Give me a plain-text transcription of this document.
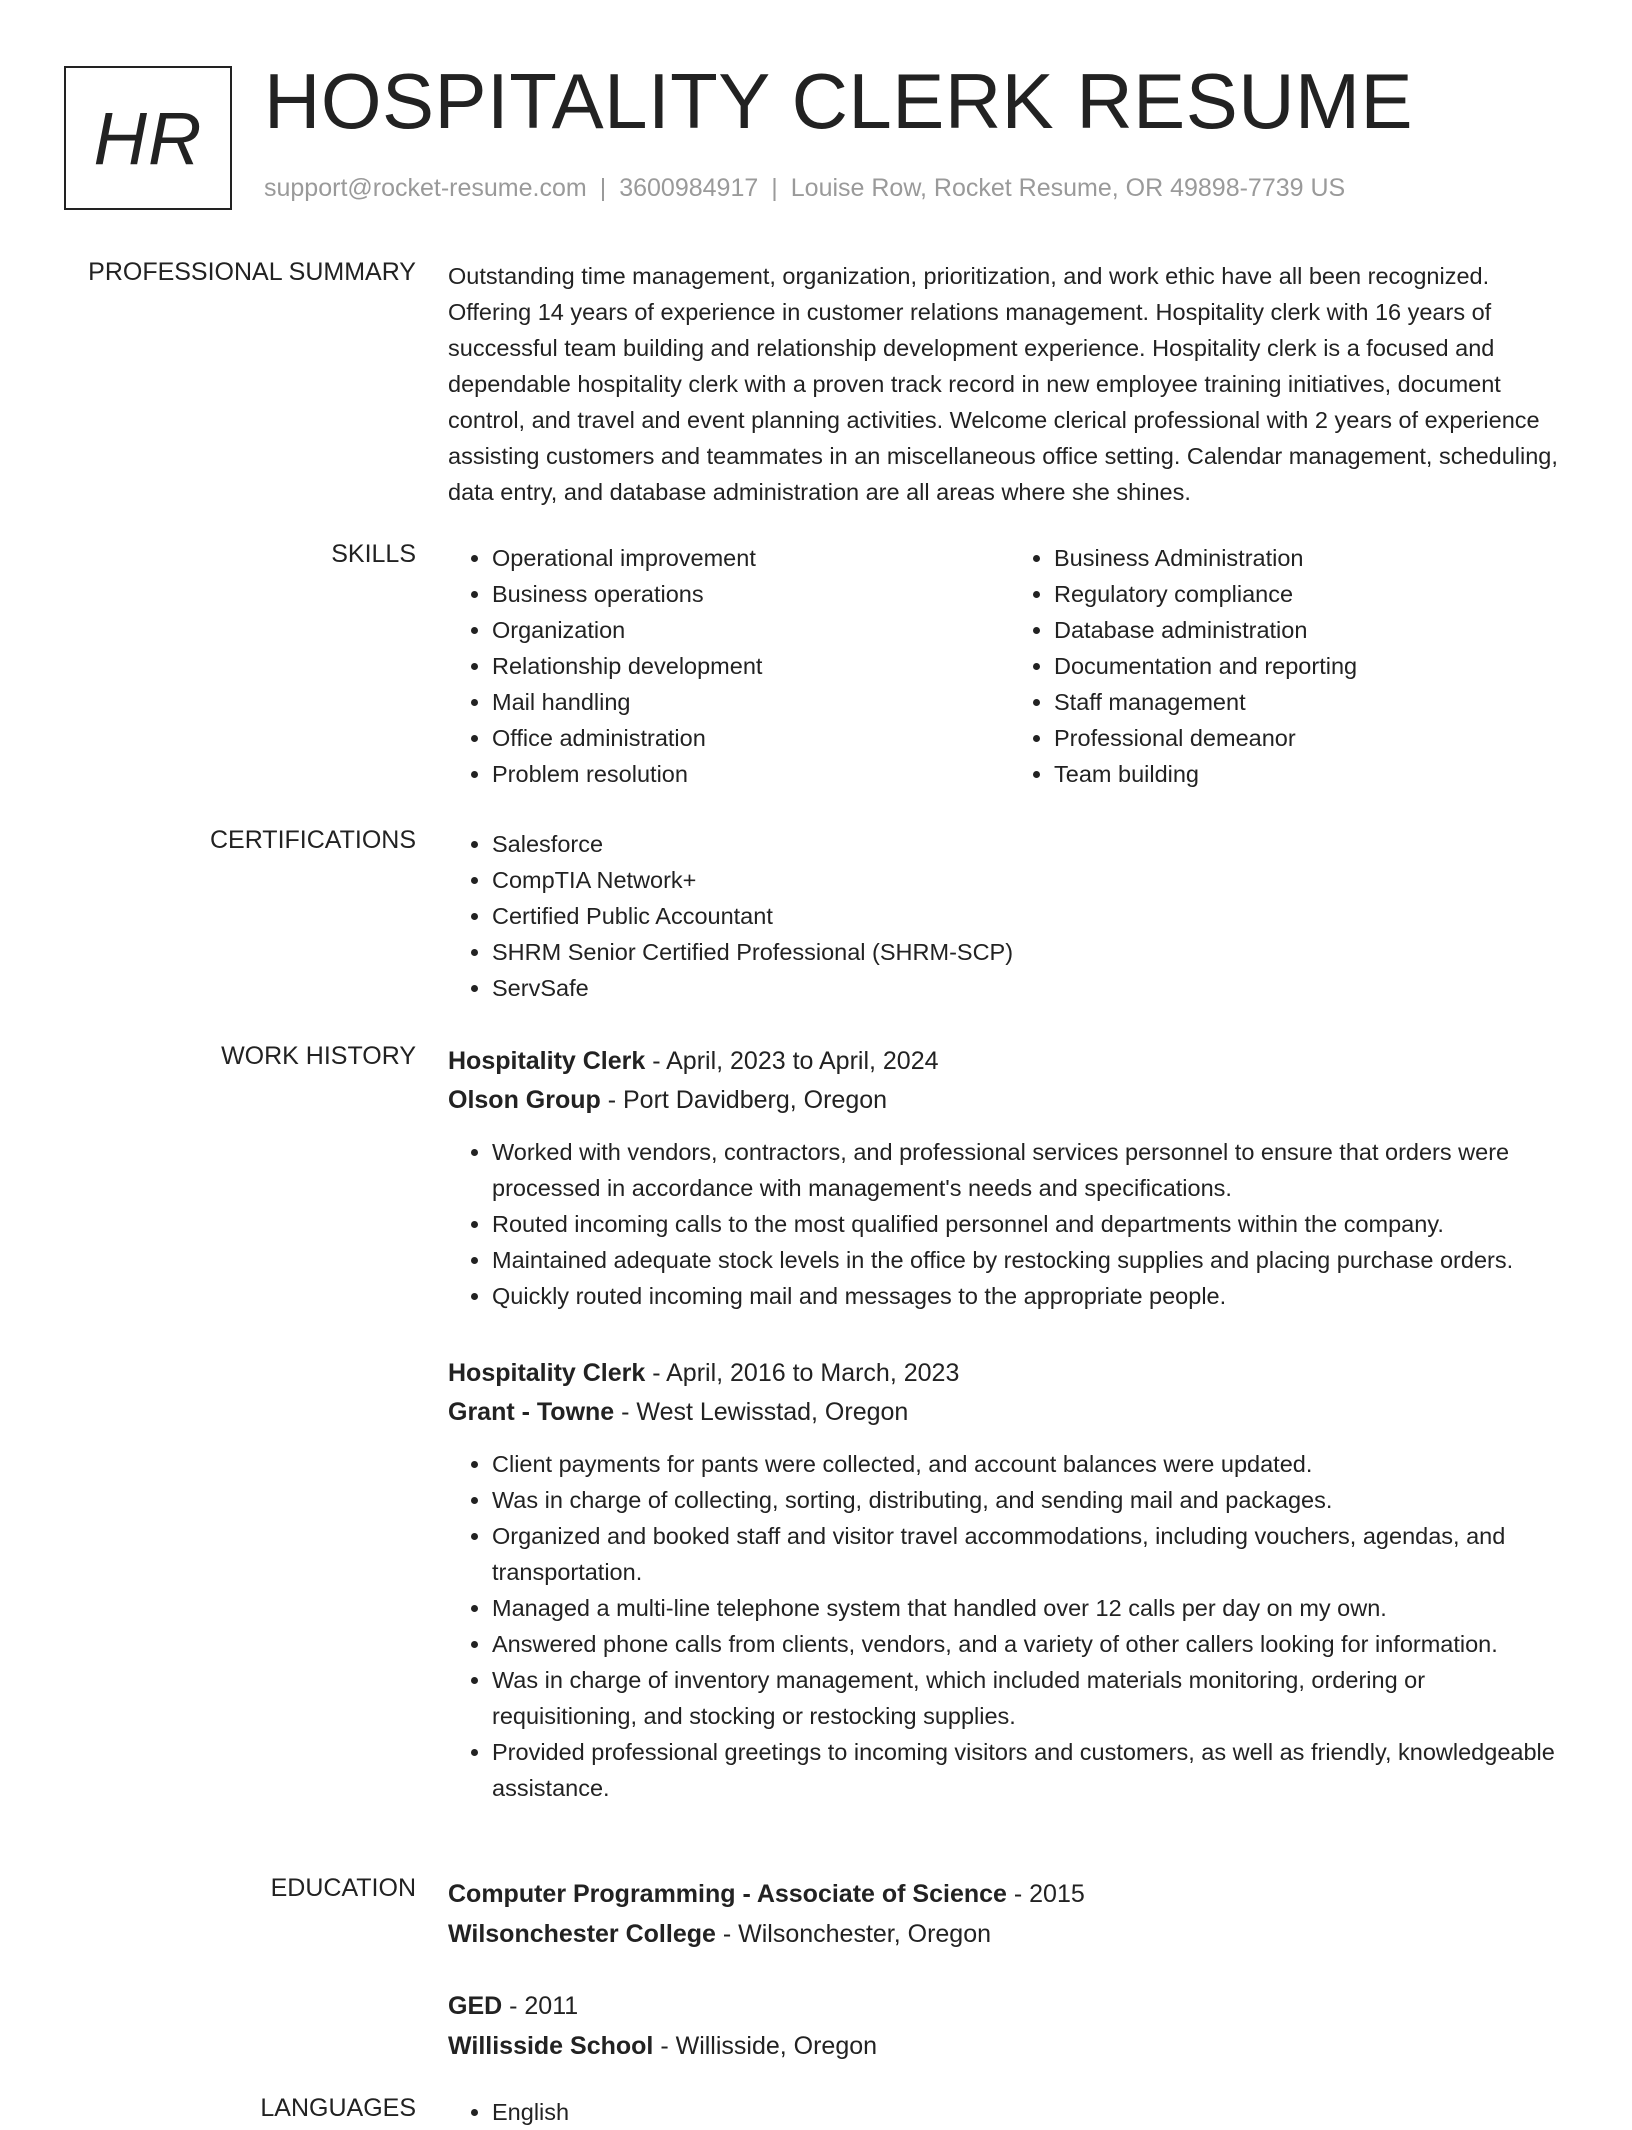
HR HOSPITALITY CLERK RESUME
support@rocket-resume.com | 3600984917 | Louise Row, Rocket Resume, OR 49898-7739 US
PROFESSIONAL SUMMARY Outstanding time management, organization, prioritization, and work ethic have all been recognized. Offering 14 years of experience in customer relations management. Hospitality clerk with 16 years of successful team building and relationship development experience. Hospitality clerk is a focused and dependable hospitality clerk with a proven track record in new employee training initiatives, document control, and travel and event planning activities. Welcome clerical professional with 2 years of experience assisting customers and teammates in an miscellaneous office setting. Calendar management, scheduling, data entry, and database administration are all areas where she shines.
SKILLS	• Operational improvement
• Business operations
• Organization
• Relationship development
• Mail handling
• Office administration
• Problem resolution
• Business Administration
• Regulatory compliance
• Database administration
• Documentation and reporting
• Staff management
• Professional demeanor
• Team building
CERTIFICATIONS	• Salesforce
• CompTIA Network+
• Certified Public Accountant
• SHRM Senior Certified Professional (SHRM-SCP)
• ServSafe
WORK HISTORY Hospitality Clerk - April, 2023 to April, 2024
Olson Group - Port Davidberg, Oregon
• Worked with vendors, contractors, and professional services personnel to ensure that orders were processed in accordance with management's needs and specifications.
• Routed incoming calls to the most qualified personnel and departments within the company.
• Maintained adequate stock levels in the office by restocking supplies and placing purchase orders.
• Quickly routed incoming mail and messages to the appropriate people.
Hospitality Clerk - April, 2016 to March, 2023
Grant - Towne - West Lewisstad, Oregon
• Client payments for pants were collected, and account balances were updated.
• Was in charge of collecting, sorting, distributing, and sending mail and packages.
• Organized and booked staff and visitor travel accommodations, including vouchers, agendas, and transportation.
• Managed a multi-line telephone system that handled over 12 calls per day on my own.
• Answered phone calls from clients, vendors, and a variety of other callers looking for information.
• Was in charge of inventory management, which included materials monitoring, ordering or requisitioning, and stocking or restocking supplies.
• Provided professional greetings to incoming visitors and customers, as well as friendly, knowledgeable assistance.
EDUCATION Computer Programming - Associate of Science - 2015
Wilsonchester College - Wilsonchester, Oregon
GED - 2011
Willisside School - Willisside, Oregon
LANGUAGES	• English
